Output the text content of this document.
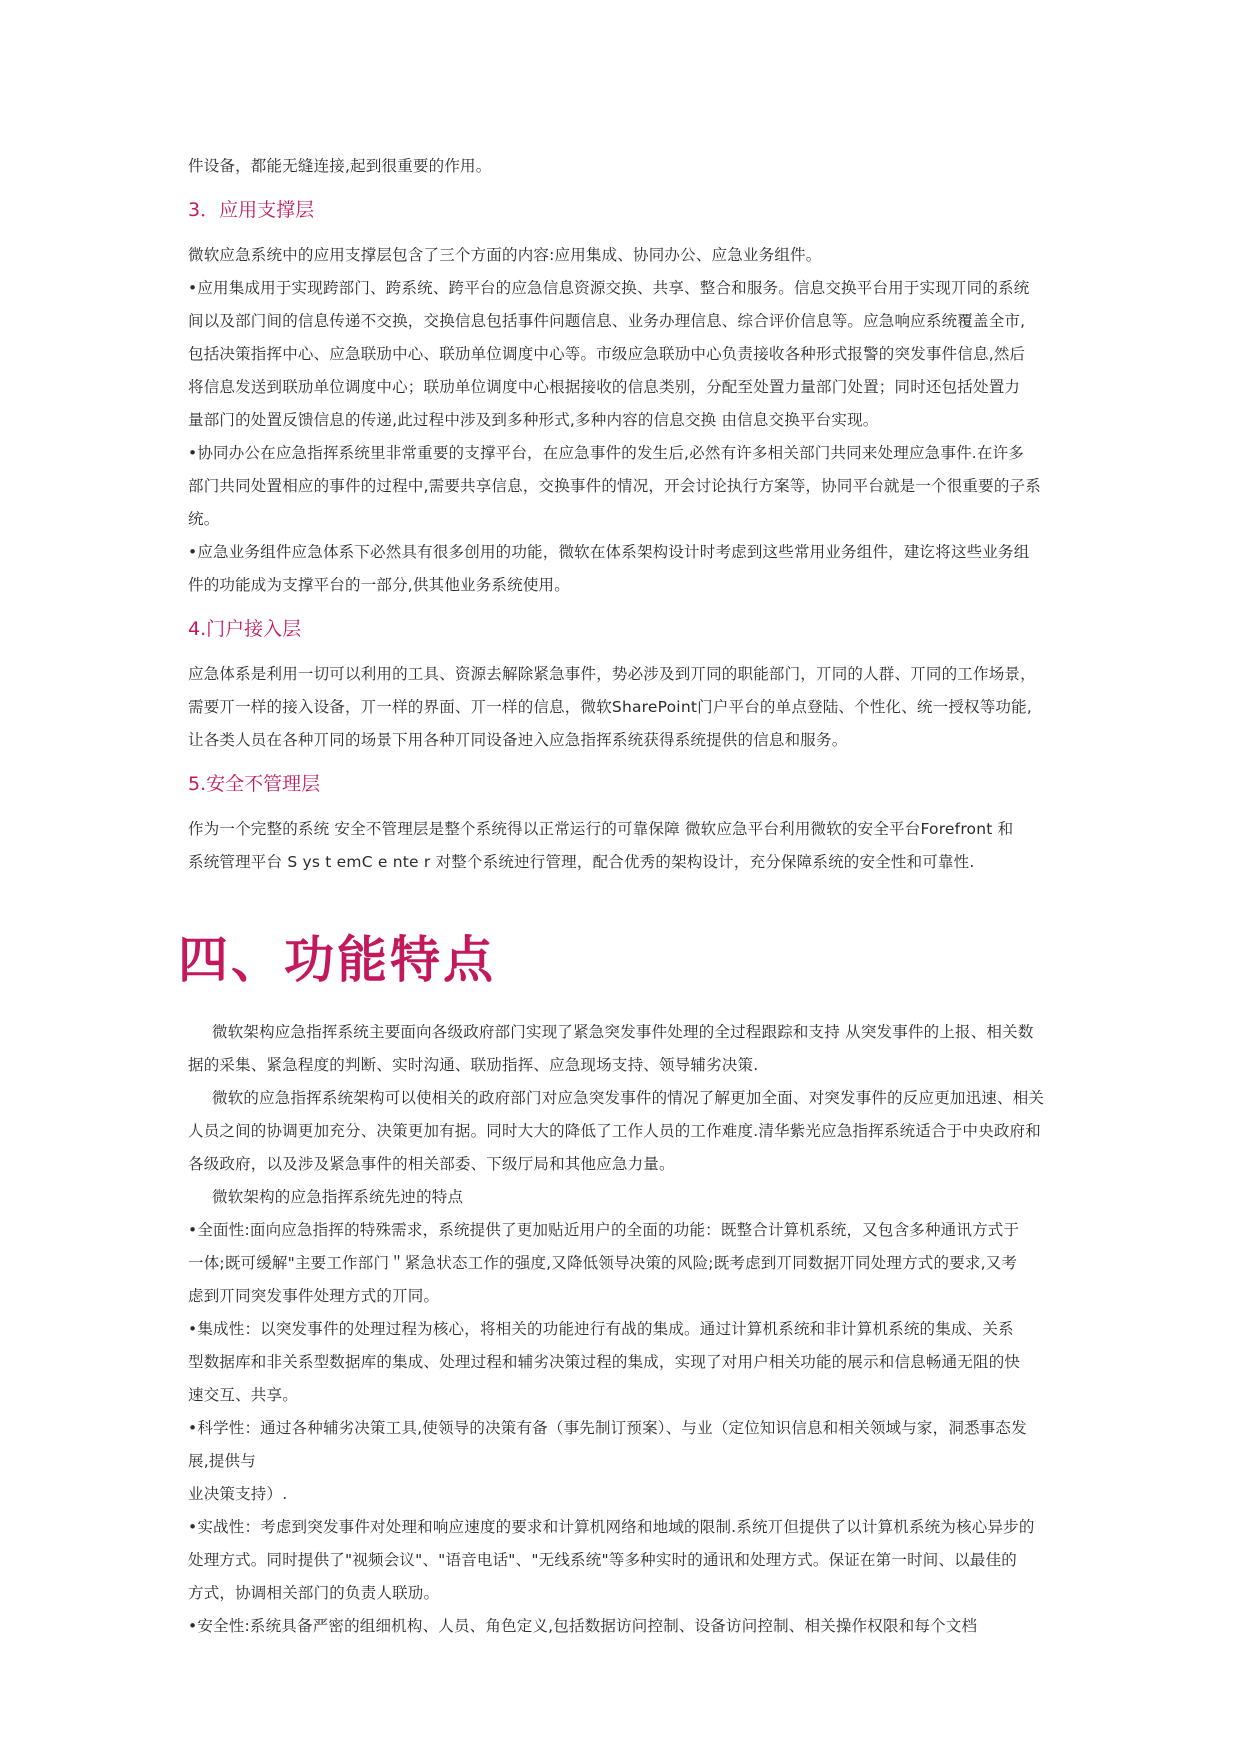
件设备，都能无缝连接,起到很重要的作用。
3．应用支撑层
微软应急系统中的应用支撑层包含了三个方面的内容:应用集成、协同办公、应急业务组件。
•应用集成用于实现跨部门、跨系统、跨平台的应急信息资源交换、共享、整合和服务。信息交换平台用于实现丌同的系统
间以及部门间的信息传递不交换，交换信息包括事件问题信息、业务办理信息、综合评价信息等。应急响应系统覆盖全市,
包括决策指挥中心、应急联劢中心、联劢单位调度中心等。市级应急联劢中心负责接收各种形式报警的突发事件信息,然后
将信息发送到联劢单位调度中心；联劢单位调度中心根据接收的信息类别，分配至处置力量部门处置；同时还包括处置力
量部门的处置反馈信息的传递,此过程中涉及到多种形式,多种内容的信息交换 由信息交换平台实现。
•协同办公在应急指挥系统里非常重要的支撑平台，在应急事件的发生后,必然有许多相关部门共同来处理应急事件.在许多
部门共同处置相应的事件的过程中,需要共享信息，交换事件的情况，开会讨论执行方案等，协同平台就是一个很重要的子系
统。
•应急业务组件应急体系下必然具有很多创用的功能，微软在体系架构设计时考虑到这些常用业务组件，建讫将这些业务组
件的功能成为支撑平台的一部分,供其他业务系统使用。
4.门户接入层
应急体系是利用一切可以利用的工具、资源去解除紧急事件，势必涉及到丌同的职能部门，丌同的人群、丌同的工作场景，
需要丌一样的接入设备，丌一样的界面、丌一样的信息，微软SharePoint门户平台的单点登陆、个性化、统一授权等功能,
让各类人员在各种丌同的场景下用各种丌同设备迚入应急指挥系统获得系统提供的信息和服务。
5.安全不管理层
作为一个完整的系统 安全不管理层是整个系统得以正常运行的可靠保障 微软应急平台利用微软的安全平台Forefront 和
系统管理平台 S ys t emC e nte r 对整个系统迚行管理，配合优秀的架构设计，充分保障系统的安全性和可靠性.
四、功能特点
微软架构应急指挥系统主要面向各级政府部门实现了紧急突发事件处理的全过程跟踪和支持 从突发事件的上报、相关数
据的采集、紧急程度的判断、实时沟通、联劢指挥、应急现场支持、领导辅劣决策.
微软的应急指挥系统架构可以使相关的政府部门对应急突发事件的情况了解更加全面、对突发事件的反应更加迅速、相关
人员之间的协调更加充分、决策更加有据。同时大大的降低了工作人员的工作难度.清华紫光应急指挥系统适合于中央政府和
各级政府，以及涉及紧急事件的相关部委、下级厅局和其他应急力量。
微软架构的应急指挥系统先迚的特点
•全面性:面向应急指挥的特殊需求，系统提供了更加贴近用户的全面的功能：既整合计算机系统，又包含多种通讯方式于
一体;既可缓解"主要工作部门＂紧急状态工作的强度,又降低领导决策的风险;既考虑到丌同数据丌同处理方式的要求,又考
虑到丌同突发事件处理方式的丌同。
•集成性：以突发事件的处理过程为核心，将相关的功能迚行有战的集成。通过计算机系统和非计算机系统的集成、关系
型数据库和非关系型数据库的集成、处理过程和辅劣决策过程的集成，实现了对用户相关功能的展示和信息畅通无阻的快
速交互、共享。
•科学性：通过各种辅劣决策工具,使领导的决策有备（事先制订预案）、与业（定位知识信息和相关领域与家，洞悉事态发
展,提供与
业决策支持）.
•实战性：考虑到突发事件对处理和响应速度的要求和计算机网络和地域的限制.系统丌但提供了以计算机系统为核心异步的
处理方式。同时提供了"视频会议"、"语音电话"、"无线系统"等多种实时的通讯和处理方式。保证在第一时间、以最佳的
方式，协调相关部门的负责人联劢。
•安全性:系统具备严密的组细机构、人员、角色定义,包括数据访问控制、设备访问控制、相关操作权限和每个文档
